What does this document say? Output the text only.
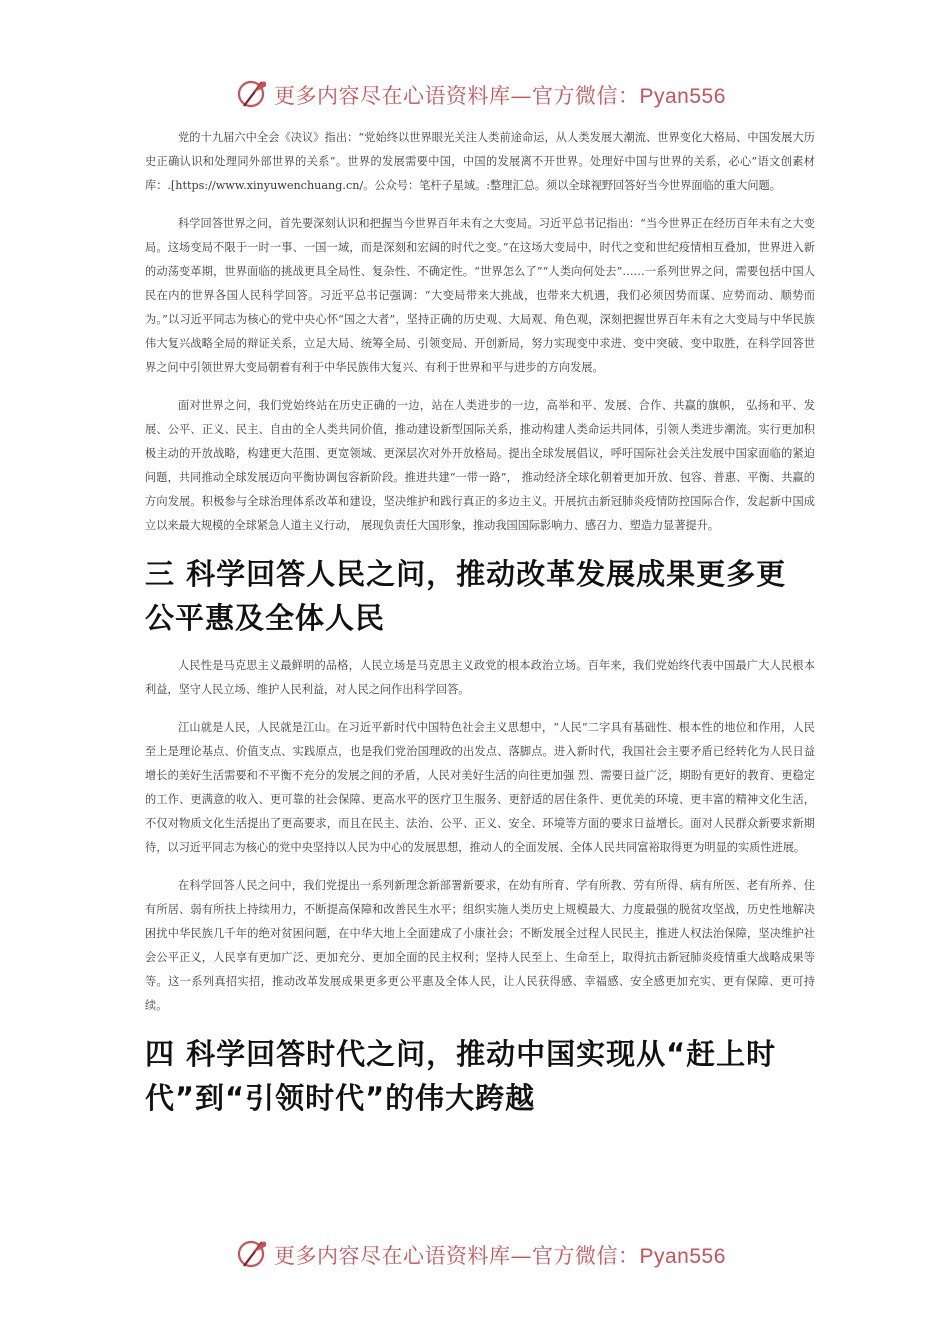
更多内容尽在心语资料库—官方微信：Pyan556

党的十九届六中全会《决议》指出：“党始终以世界眼光关注人类前途命运，从人类发展大潮流、世界变化大格局、中国发展大历史正确认识和处理同外部世界的关系”。世界的发展需要中国，中国的发展离不开世界。处理好中国与世界的关系，必心”语文创素材库：.[https://www.xinyuwenchuang.cn/。公众号：笔杆子星域。:整理汇总。须以全球视野回答好当今世界面临的重大问题。

科学回答世界之问，首先要深刻认识和把握当今世界百年未有之大变局。习近平总书记指出：“当今世界正在经历百年未有之大变局。这场变局不限于一时一事、一国一域，而是深刻和宏阔的时代之变。”在这场大变局中，时代之变和世纪疫情相互叠加，世界进入新的动荡变革期，世界面临的挑战更具全局性、复杂性、不确定性。“世界怎么了”“人类向何处去”……一系列世界之问，需要包括中国人民在内的世界各国人民科学回答。习近平总书记强调：“大变局带来大挑战，也带来大机遇，我们必须因势而谋、应势而动、顺势而为。”以习近平同志为核心的党中央心怀“国之大者”，坚持正确的历史观、大局观、角色观，深刻把握世界百年未有之大变局与中华民族伟大复兴战略全局的辩证关系，立足大局、统筹全局、引领变局、开创新局，努力实现变中求进、变中突破、变中取胜，在科学回答世界之问中引领世界大变局朝着有利于中华民族伟大复兴、有利于世界和平与进步的方向发展。

面对世界之问，我们党始终站在历史正确的一边，站在人类进步的一边，高举和平、发展、合作、共赢的旗帜， 弘扬和平、发展、公平、正义、民主、自由的全人类共同价值，推动建设新型国际关系，推动构建人类命运共同体，引领人类进步潮流。实行更加积极主动的开放战略，构建更大范围、更宽领域、更深层次对外开放格局。提出全球发展倡议，呼吁国际社会关注发展中国家面临的紧迫问题，共同推动全球发展迈向平衡协调包容新阶段。推进共建“一带一路”， 推动经济全球化朝着更加开放、包容、普惠、平衡、共赢的方向发展。积极参与全球治理体系改革和建设，坚决维护和践行真正的多边主义。开展抗击新冠肺炎疫情防控国际合作，发起新中国成立以来最大规模的全球紧急人道主义行动， 展现负责任大国形象，推动我国国际影响力、感召力、塑造力显著提升。

三 科学回答人民之问，推动改革发展成果更多更公平惠及全体人民

人民性是马克思主义最鲜明的品格，人民立场是马克思主义政党的根本政治立场。百年来，我们党始终代表中国最广大人民根本利益，坚守人民立场、维护人民利益，对人民之问作出科学回答。

江山就是人民，人民就是江山。在习近平新时代中国特色社会主义思想中，“人民”二字具有基础性、根本性的地位和作用，人民至上是理论基点、价值支点、实践原点，也是我们党治国理政的出发点、落脚点。进入新时代，我国社会主要矛盾已经转化为人民日益增长的美好生活需要和不平衡不充分的发展之间的矛盾，人民对美好生活的向往更加强 烈、需要日益广泛，期盼有更好的教育、更稳定的工作、更满意的收入、更可靠的社会保障、更高水平的医疗卫生服务、更舒适的居住条件、更优美的环境、更丰富的精神文化生活，不仅对物质文化生活提出了更高要求，而且在民主、法治、公平、正义、安全、环境等方面的要求日益增长。面对人民群众新要求新期待，以习近平同志为核心的党中央坚持以人民为中心的发展思想，推动人的全面发展、全体人民共同富裕取得更为明显的实质性进展。

在科学回答人民之问中，我们党提出一系列新理念新部署新要求，在幼有所育、学有所教、劳有所得、病有所医、老有所养、住有所居、弱有所扶上持续用力，不断提高保障和改善民生水平；组织实施人类历史上规模最大、力度最强的脱贫攻坚战，历史性地解决困扰中华民族几千年的绝对贫困问题，在中华大地上全面建成了小康社会；不断发展全过程人民民主，推进人权法治保障，坚决维护社会公平正义，人民享有更加广泛、更加充分、更加全面的民主权利；坚持人民至上、生命至上，取得抗击新冠肺炎疫情重大战略成果等等。这一系列真招实招，推动改革发展成果更多更公平惠及全体人民，让人民获得感、幸福感、安全感更加充实、更有保障、更可持续。

四 科学回答时代之问，推动中国实现从“赶上时代”到“引领时代”的伟大跨越
更多内容尽在心语资料库—官方微信：Pyan556
